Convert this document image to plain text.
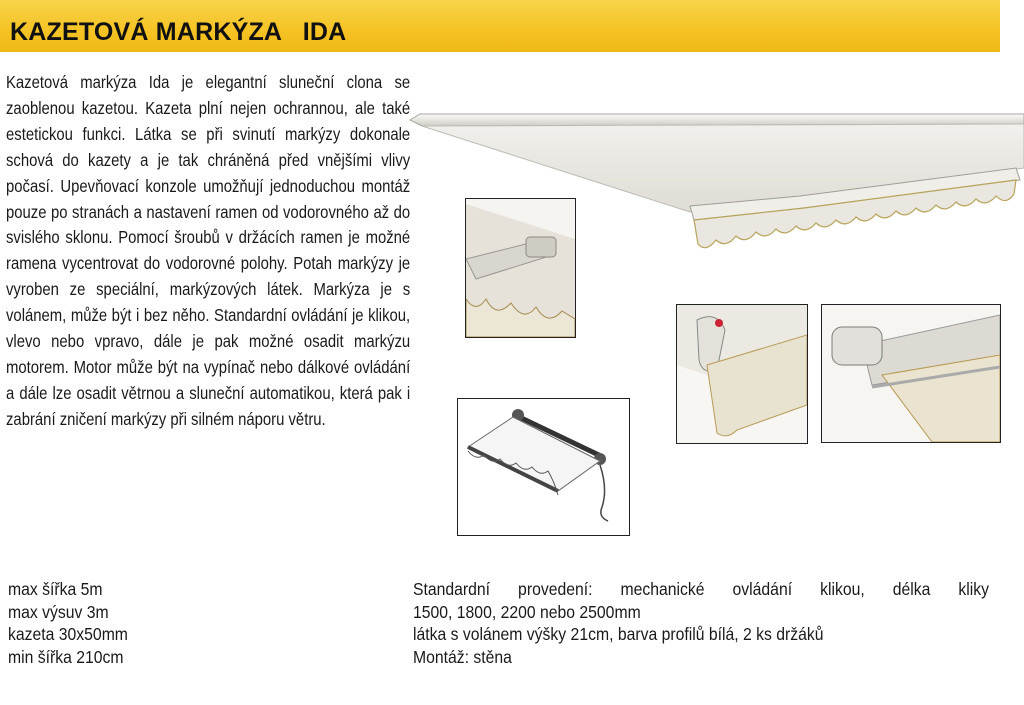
KAZETOVÁ MARKÝZA   IDA
Kazetová markýza Ida je elegantní sluneční clona se zaoblenou kazetou. Kazeta plní nejen ochrannou, ale také estetickou funkci. Látka se při svinutí markýzy dokonale schová do kazety a je tak chráněná před vnějšími vlivy počasí. Upevňovací konzole umožňují jednoduchou montáž pouze po stranách a nastavení ramen od vodorovného až do svislého sklonu. Pomocí šroubů v držácích ramen je možné ramena vycentrovat do vodorovné polohy. Potah markýzy je vyroben ze speciální, markýzových látek. Markýza je s volánem, může být i bez něho. Standardní ovládání je klikou, vlevo nebo vpravo, dále je pak možné osadit markýzu motorem. Motor může být na vypínač nebo dálkové ovládání a dále lze osadit větrnou a sluneční automatikou, která pak i zabrání zničení markýzy při silném náporu větru.
max šířka 5m
max výsuv 3m
kazeta 30x50mm
min šířka 210cm
Standardní provedení: mechanické ovládání klikou, délka kliky
1500, 1800, 2200 nebo 2500mm
látka s volánem výšky 21cm, barva profilů bílá, 2 ks držáků
Montáž: stěna
